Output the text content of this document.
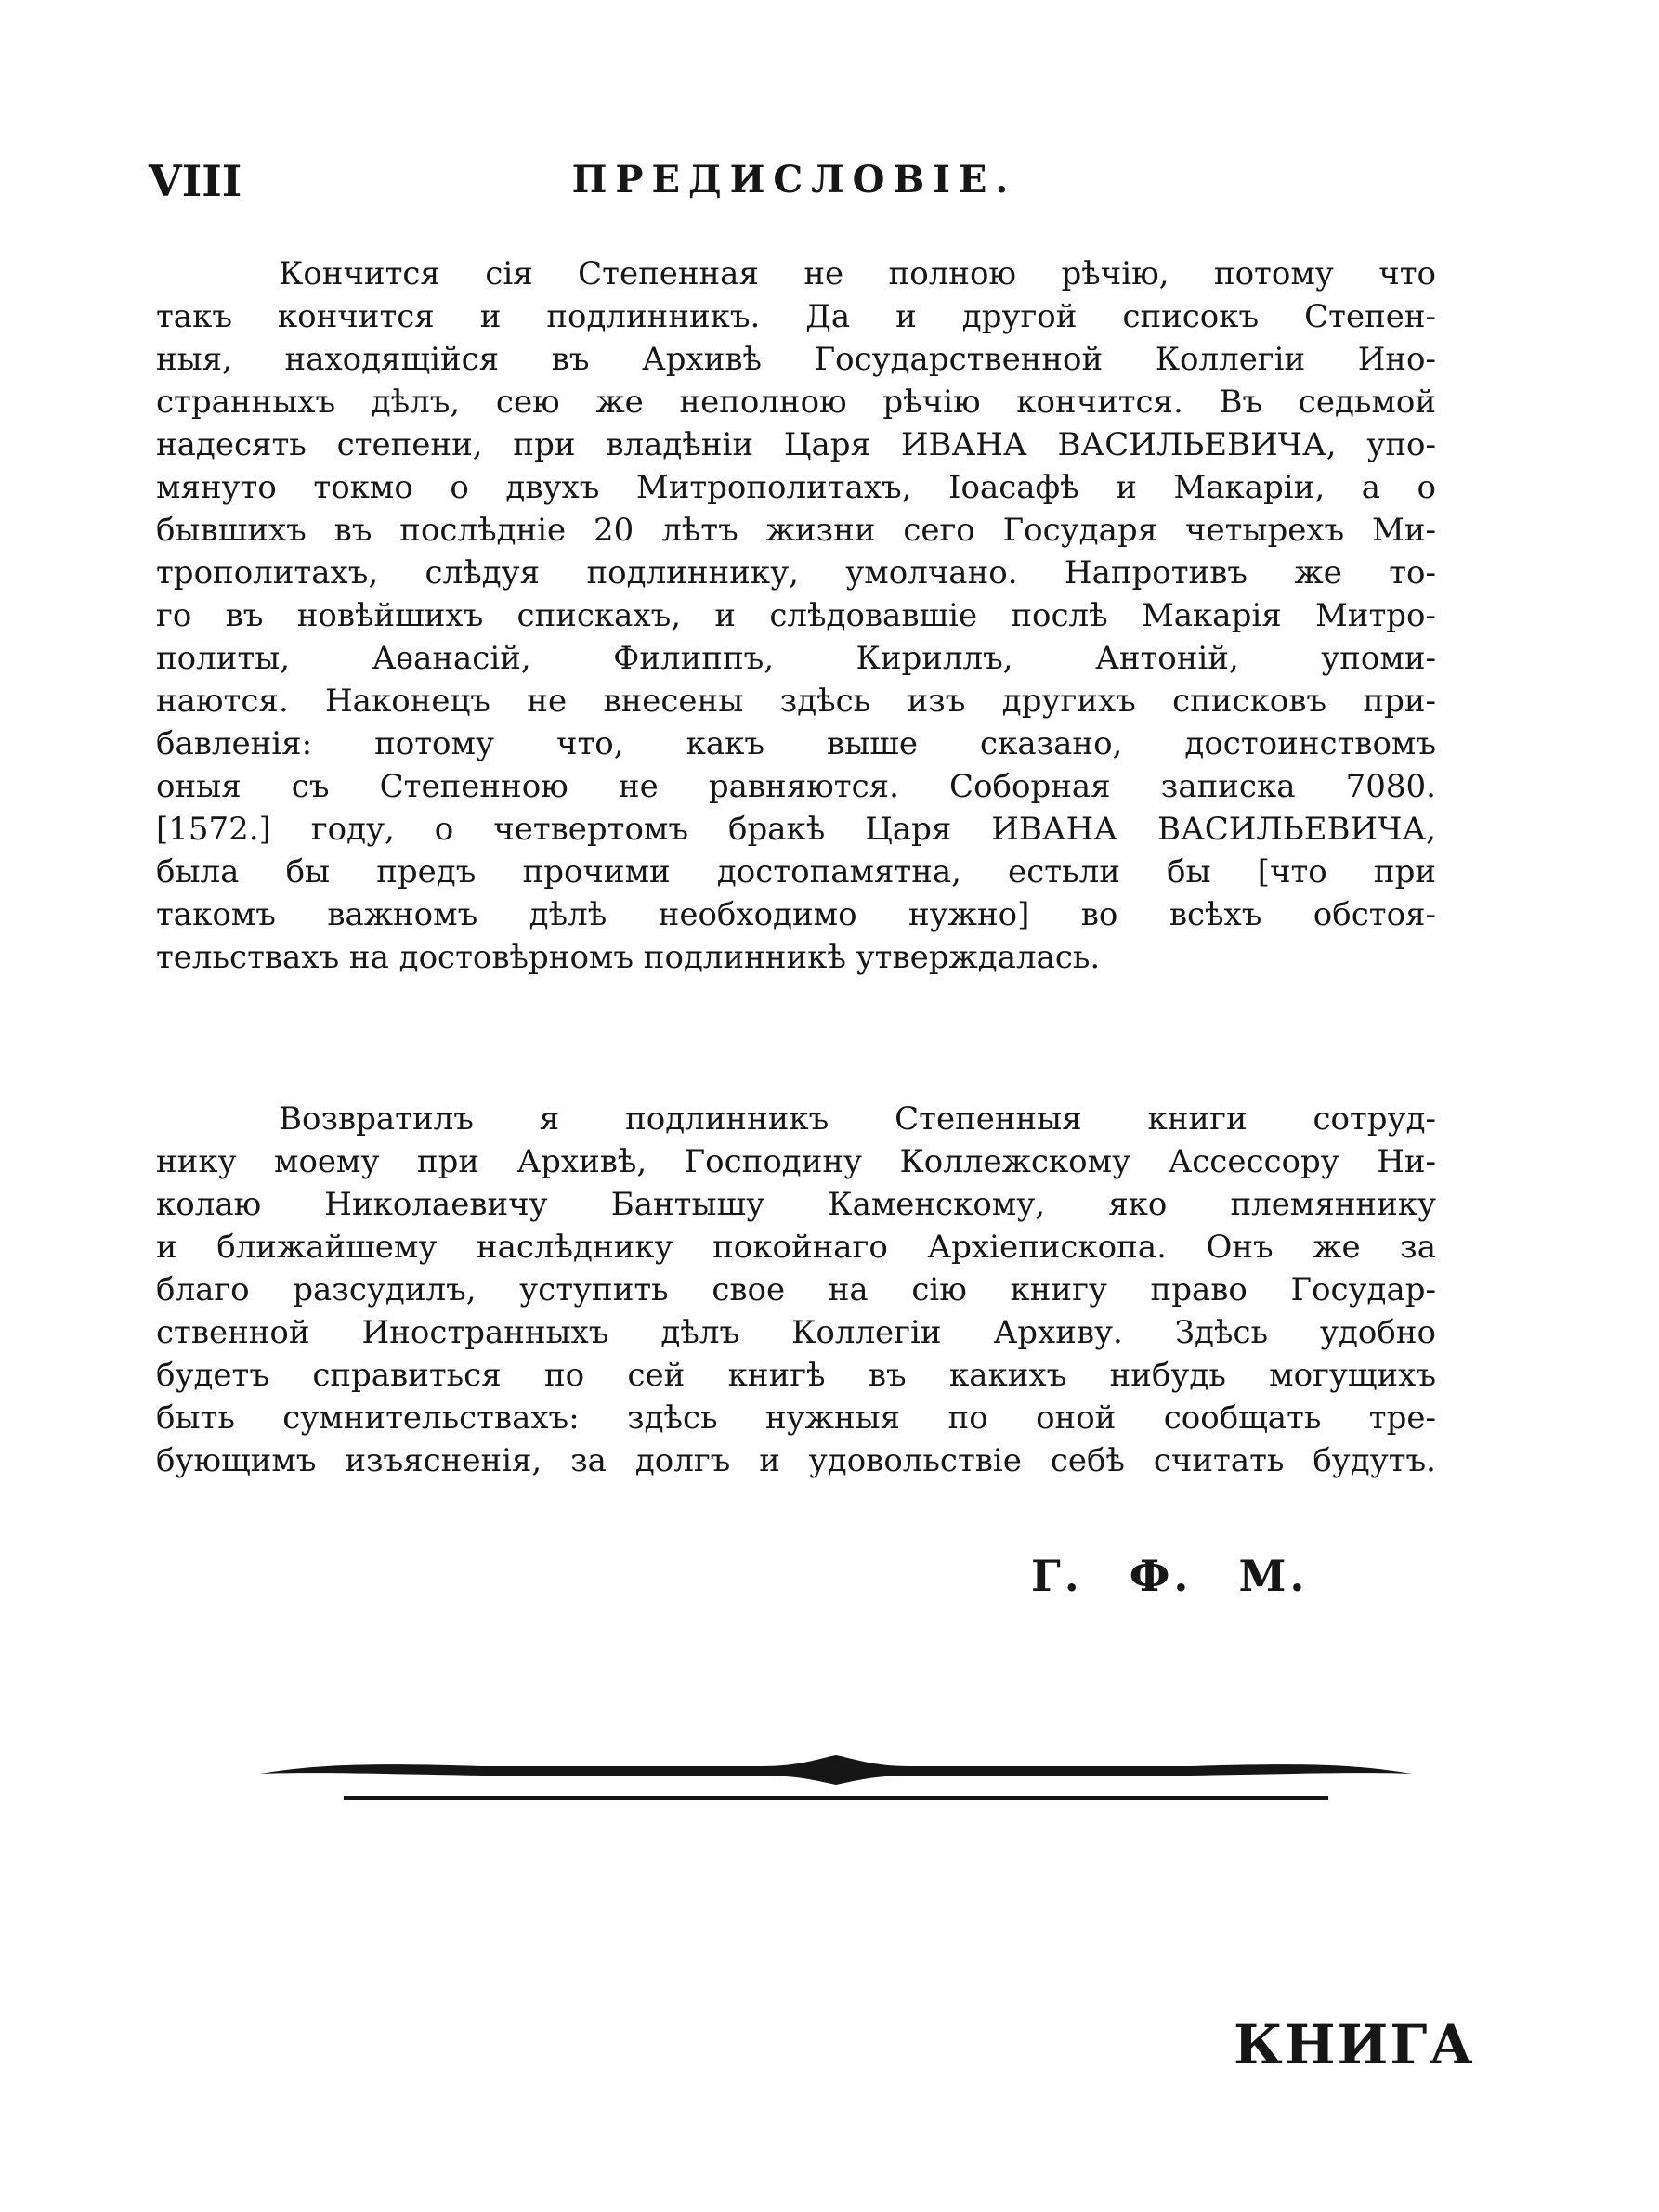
VIII	ПРЕДИСЛОВІЕ.

Кончится сія Степенная не полною рѣчію, потому что
такъ кончится и подлинникъ. Да и другой списокъ Степен-
ныя, находящійся въ Архивѣ Государственной Коллегіи Ино-
странныхъ дѣлъ, сею же неполною рѣчію кончится. Въ седьмой
надесять степени, при владѣніи Царя ИВАНА ВАСИЛЬЕВИЧА, упо-
мянуто токмо о двухъ Митрополитахъ, Іоасафѣ и Макаріи, а о
бывшихъ въ послѣдніе 20 лѣтъ жизни сего Государя четырехъ Ми-
трополитахъ, слѣдуя подлиннику, умолчано. Напротивъ же то-
го въ новѣйшихъ спискахъ, и слѣдовавшіе послѣ Макарія Митро-
политы, Аѳанасій, Филиппъ, Кириллъ, Антоній, упоми-
наются. Наконецъ не внесены здѣсь изъ другихъ списковъ при-
бавленія: потому что, какъ выше сказано, достоинствомъ
оныя съ Степенною не равняются. Соборная записка 7080.
[1572.] году, о четвертомъ бракѣ Царя ИВАНА ВАСИЛЬЕВИЧА,
была бы предъ прочими достопамятна, естьли бы [что при
такомъ важномъ дѣлѣ необходимо нужно] во всѣхъ обстоя-
тельствахъ на достовѣрномъ подлинникѣ утверждалась.

Возвратилъ я подлинникъ Степенныя книги сотруд-
нику моему при Архивѣ, Господину Коллежскому Ассессору Ни-
колаю Николаевичу Бантышу Каменскому, яко племяннику
и ближайшему наслѣднику покойнаго Архіепископа. Онъ же за
благо разсудилъ, уступить свое на сію книгу право Государ-
ственной Иностранныхъ дѣлъ Коллегіи Архиву. Здѣсь удобно
будетъ справиться по сей книгѣ въ какихъ нибудь могущихъ
быть сумнительствахъ: здѣсь нужныя по оной сообщать тре-
бующимъ изъясненія, за долгъ и удовольствіе себѣ считать будутъ.

Г. Ф. М.
КНИГА
